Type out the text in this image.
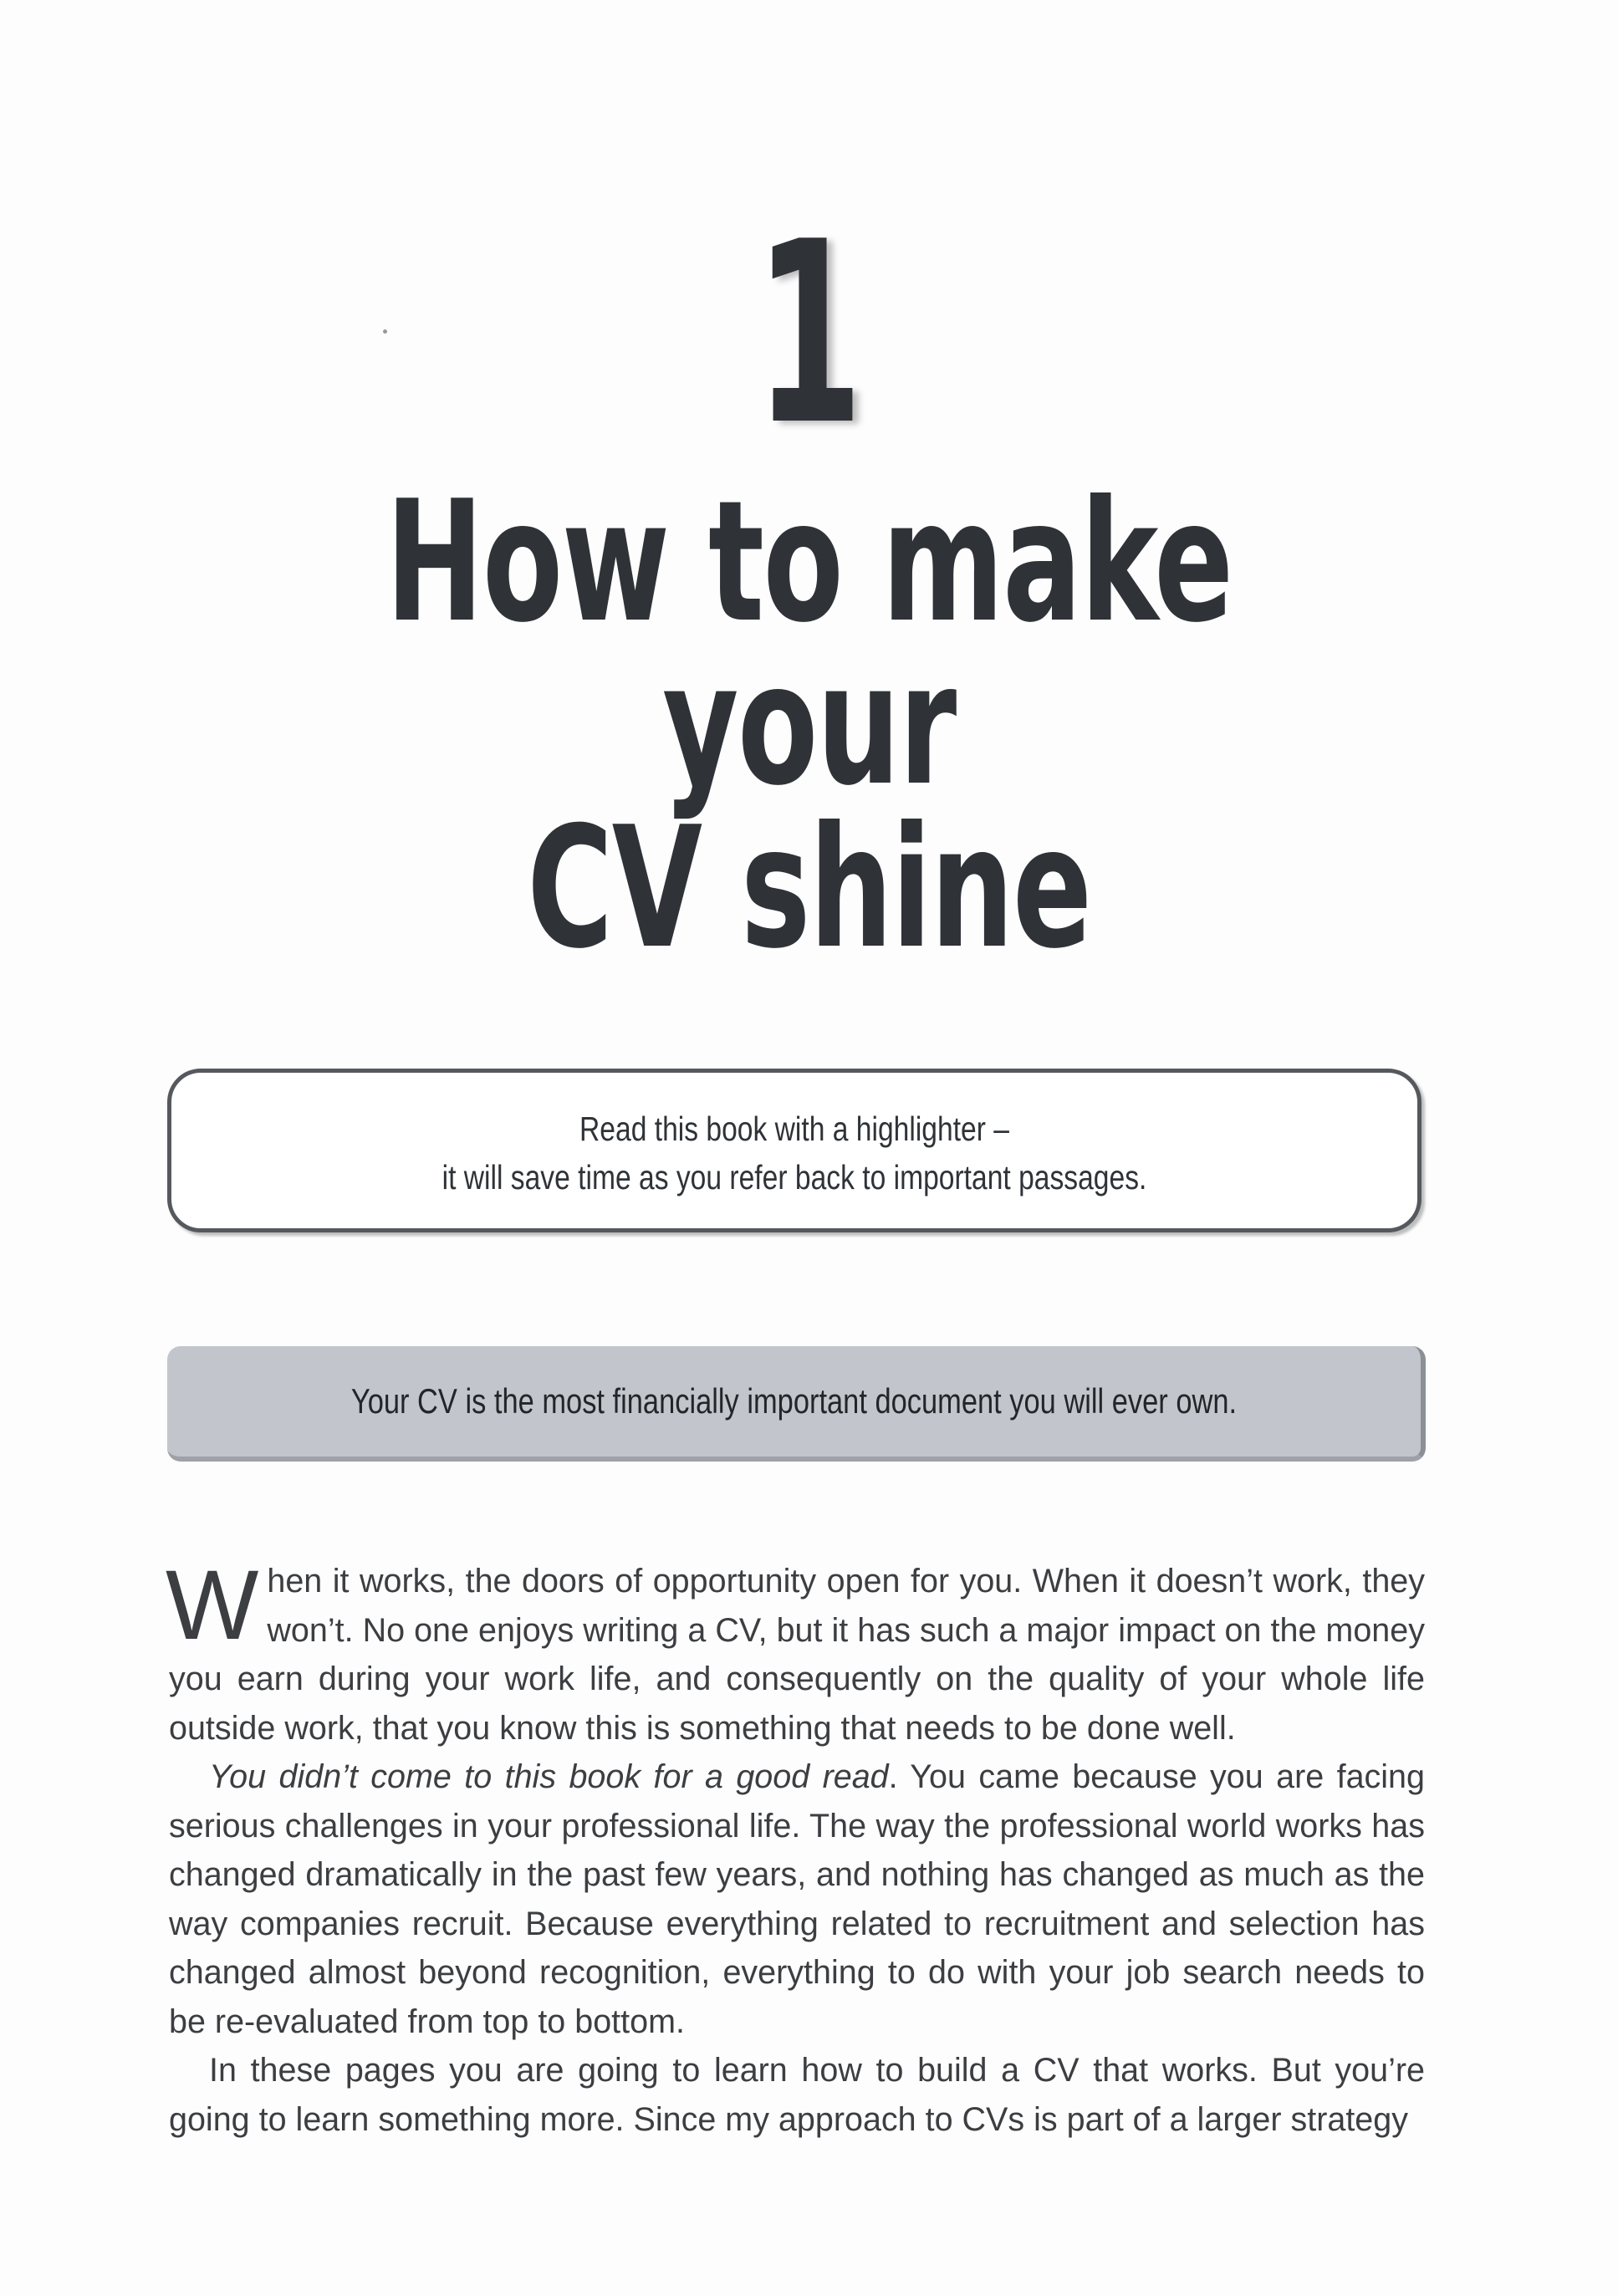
1
How to make your
CV shine
Read this book with a highlighter –
it will save time as you refer back to important passages.
Your CV is the most financially important document you will ever own.

When it works, the doors of opportunity open for you. When it doesn’t work, they won’t. No one enjoys writing a CV, but it has such a major impact on the money you earn during your work life, and consequently on the quality of your whole life outside work, that you know this is something that needs to be done well.

You didn’t come to this book for a good read. You came because you are facing serious challenges in your professional life. The way the professional world works has changed dramatically in the past few years, and nothing has changed as much as the way companies recruit. Because everything related to recruitment and selection has changed almost beyond recognition, everything to do with your job search needs to be re-evaluated from top to bottom.

In these pages you are going to learn how to build a CV that works. But you’re going to learn something more. Since my approach to CVs is part of a larger strategy
